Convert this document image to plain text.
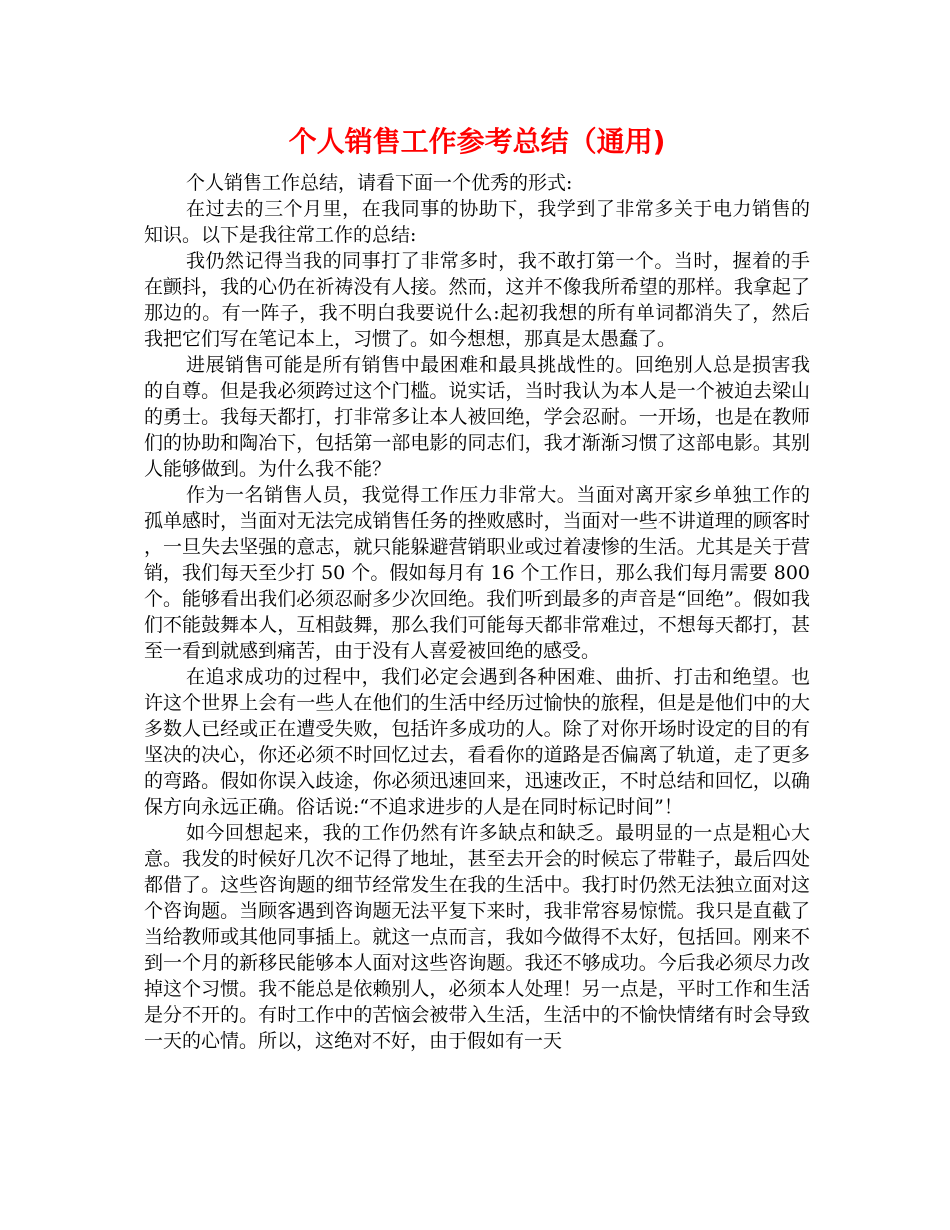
个人销售工作参考总结（通用)

个人销售工作总结，请看下面一个优秀的形式:

在过去的三个月里，在我同事的协助下，我学到了非常多关于电力销售的知识。以下是我往常工作的总结:

我仍然记得当我的同事打了非常多时，我不敢打第一个。当时，握着的手在颤抖，我的心仍在祈祷没有人接。然而，这并不像我所希望的那样。我拿起了那边的。有一阵子，我不明白我要说什么:起初我想的所有单词都消失了，然后我把它们写在笔记本上，习惯了。如今想想，那真是太愚蠢了。

进展销售可能是所有销售中最困难和最具挑战性的。回绝别人总是损害我的自尊。但是我必须跨过这个门槛。说实话，当时我认为本人是一个被迫去梁山的勇士。我每天都打，打非常多让本人被回绝，学会忍耐。一开场，也是在教师们的协助和陶冶下，包括第一部电影的同志们，我才渐渐习惯了这部电影。其别人能够做到。为什么我不能？

作为一名销售人员，我觉得工作压力非常大。当面对离开家乡单独工作的孤单感时，当面对无法完成销售任务的挫败感时，当面对一些不讲道理的顾客时，一旦失去坚强的意志，就只能躲避营销职业或过着凄惨的生活。尤其是关于营销，我们每天至少打 50 个。假如每月有 16 个工作日，那么我们每月需要 800 个。能够看出我们必须忍耐多少次回绝。我们听到最多的声音是“回绝”。假如我们不能鼓舞本人，互相鼓舞，那么我们可能每天都非常难过，不想每天都打，甚至一看到就感到痛苦，由于没有人喜爱被回绝的感受。

在追求成功的过程中，我们必定会遇到各种困难、曲折、打击和绝望。也许这个世界上会有一些人在他们的生活中经历过愉快的旅程，但是是他们中的大多数人已经或正在遭受失败，包括许多成功的人。除了对你开场时设定的目的有坚决的决心，你还必须不时回忆过去，看看你的道路是否偏离了轨道，走了更多的弯路。假如你误入歧途，你必须迅速回来，迅速改正，不时总结和回忆，以确保方向永远正确。俗话说:“不追求进步的人是在同时标记时间”！

如今回想起来，我的工作仍然有许多缺点和缺乏。最明显的一点是粗心大意。我发的时候好几次不记得了地址，甚至去开会的时候忘了带鞋子，最后四处都借了。这些咨询题的细节经常发生在我的生活中。我打时仍然无法独立面对这个咨询题。当顾客遇到咨询题无法平复下来时，我非常容易惊慌。我只是直截了当给教师或其他同事插上。就这一点而言，我如今做得不太好，包括回。刚来不到一个月的新移民能够本人面对这些咨询题。我还不够成功。今后我必须尽力改掉这个习惯。我不能总是依赖别人，必须本人处理！另一点是，平时工作和生活是分不开的。有时工作中的苦恼会被带入生活，生活中的不愉快情绪有时会导致一天的心情。所以，这绝对不好，由于假如有一天
